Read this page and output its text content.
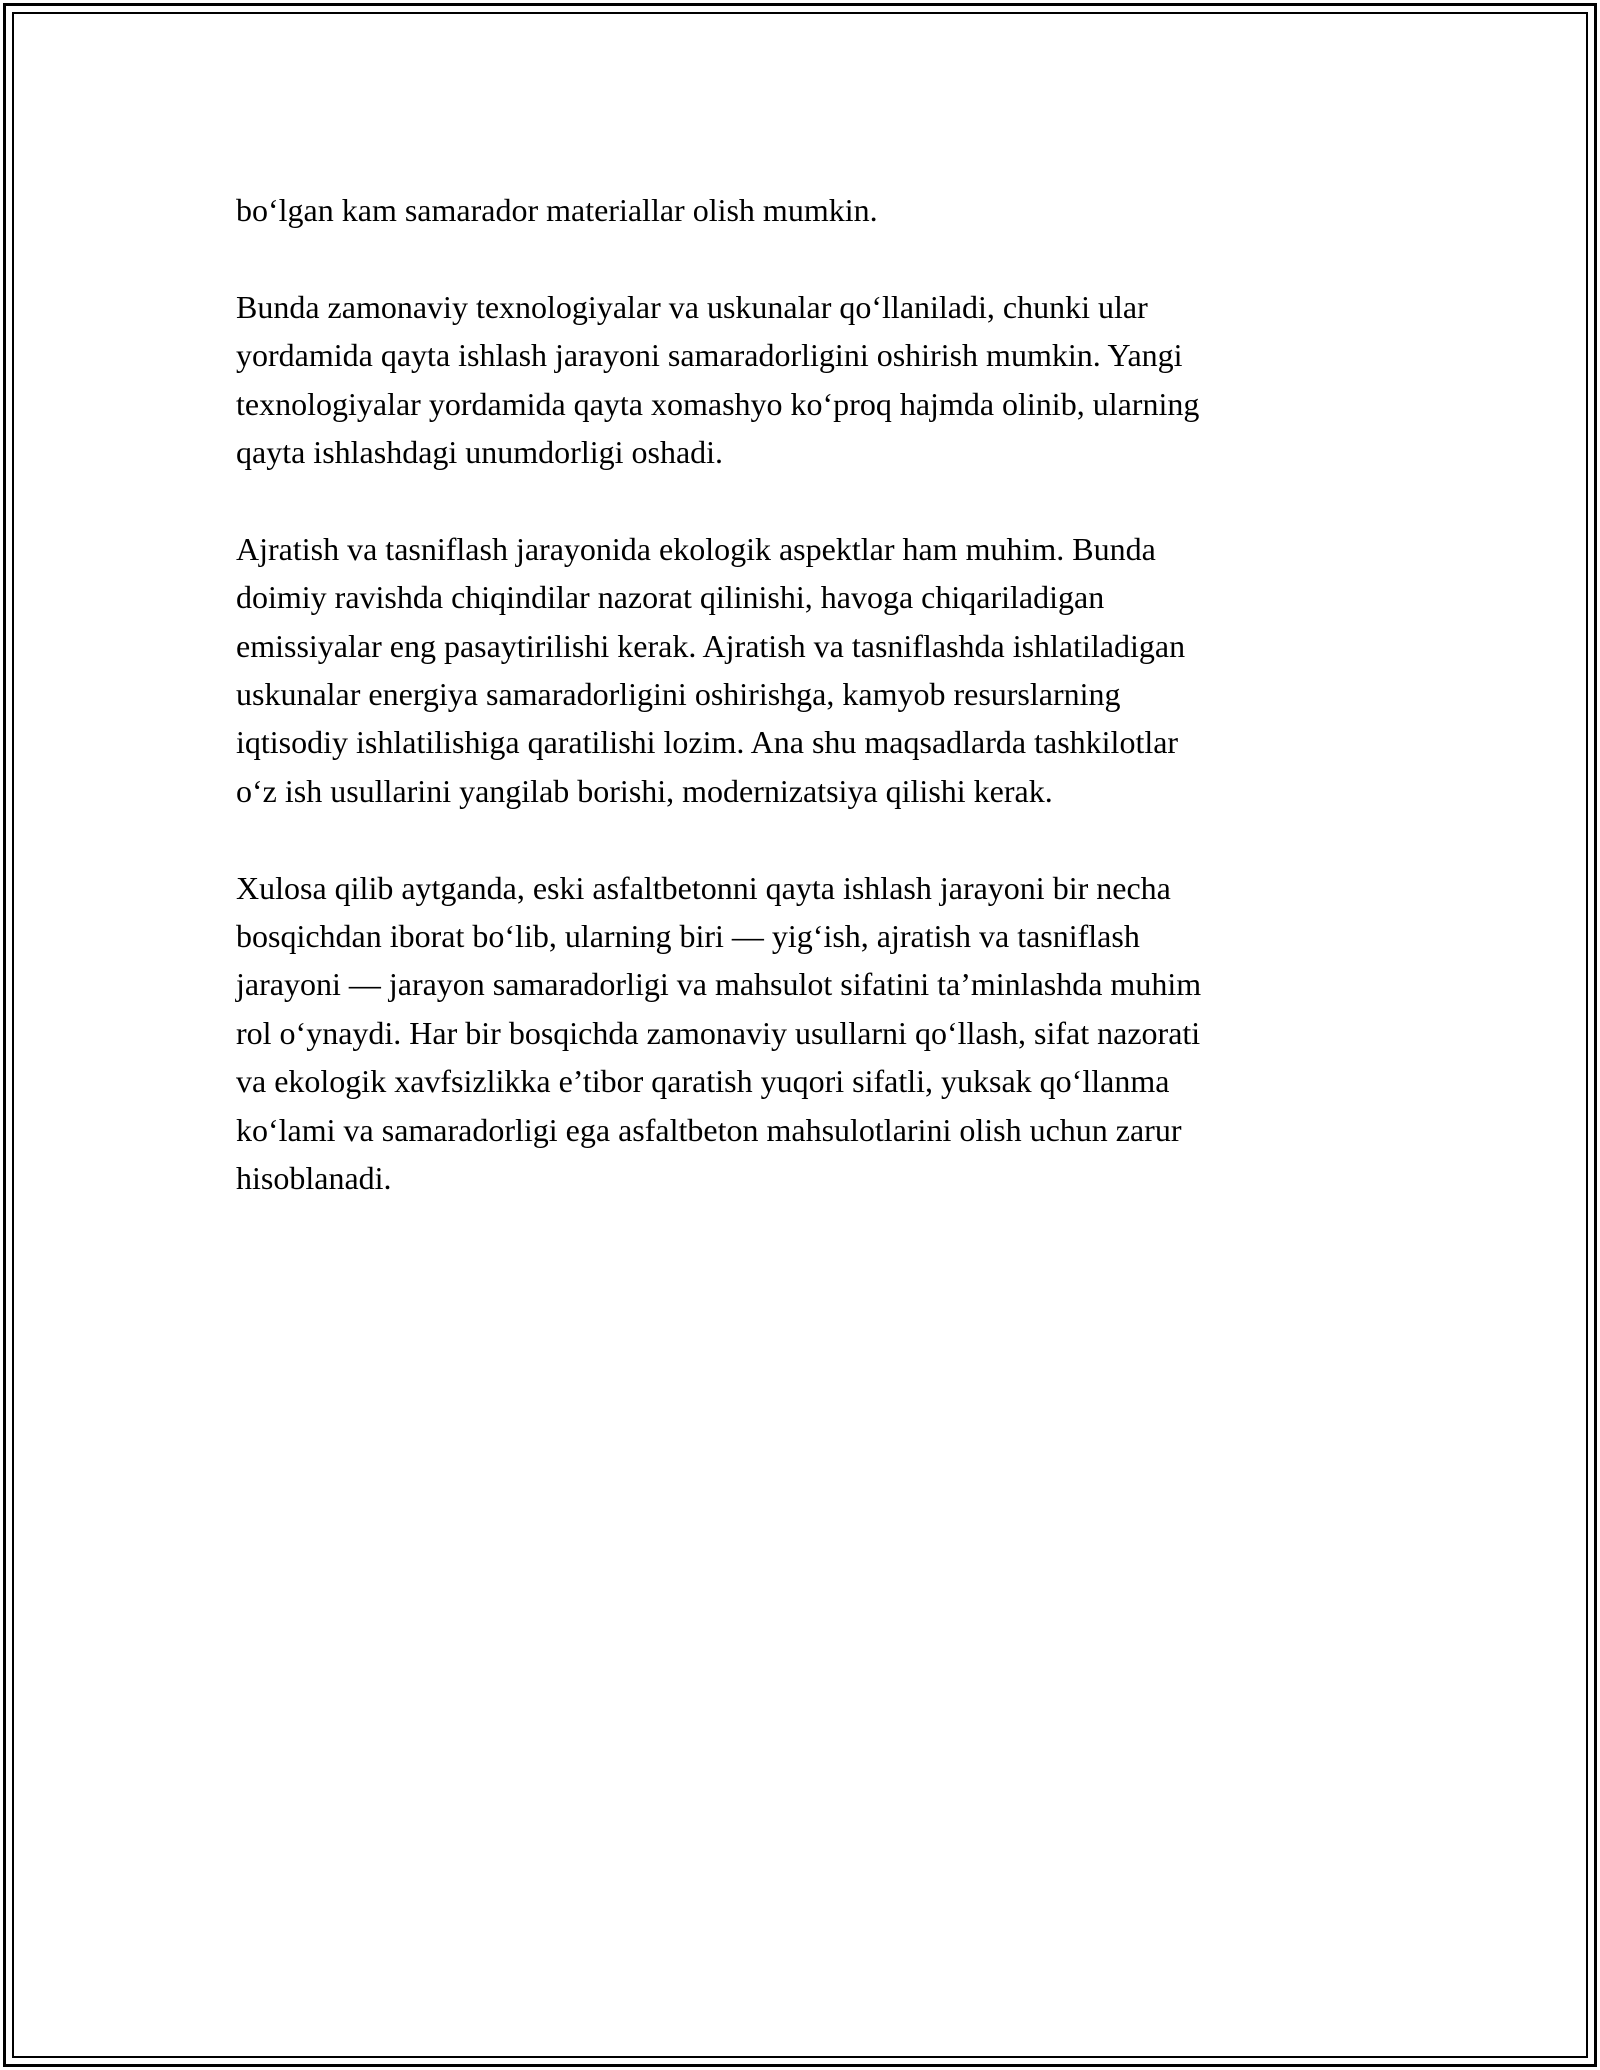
bo‘lgan kam samarador materiallar olish mumkin.

Bunda zamonaviy texnologiyalar va uskunalar qo‘llaniladi, chunki ular
yordamida qayta ishlash jarayoni samaradorligini oshirish mumkin. Yangi
texnologiyalar yordamida qayta xomashyo ko‘proq hajmda olinib, ularning
qayta ishlashdagi unumdorligi oshadi.

Ajratish va tasniflash jarayonida ekologik aspektlar ham muhim. Bunda
doimiy ravishda chiqindilar nazorat qilinishi, havoga chiqariladigan
emissiyalar eng pasaytirilishi kerak. Ajratish va tasniflashda ishlatiladigan
uskunalar energiya samaradorligini oshirishga, kamyob resurslarning
iqtisodiy ishlatilishiga qaratilishi lozim. Ana shu maqsadlarda tashkilotlar
o‘z ish usullarini yangilab borishi, modernizatsiya qilishi kerak.

Xulosa qilib aytganda, eski asfaltbetonni qayta ishlash jarayoni bir necha
bosqichdan iborat bo‘lib, ularning biri — yig‘ish, ajratish va tasniflash
jarayoni — jarayon samaradorligi va mahsulot sifatini ta’minlashda muhim
rol o‘ynaydi. Har bir bosqichda zamonaviy usullarni qo‘llash, sifat nazorati
va ekologik xavfsizlikka e’tibor qaratish yuqori sifatli, yuksak qo‘llanma
ko‘lami va samaradorligi ega asfaltbeton mahsulotlarini olish uchun zarur
hisoblanadi.
